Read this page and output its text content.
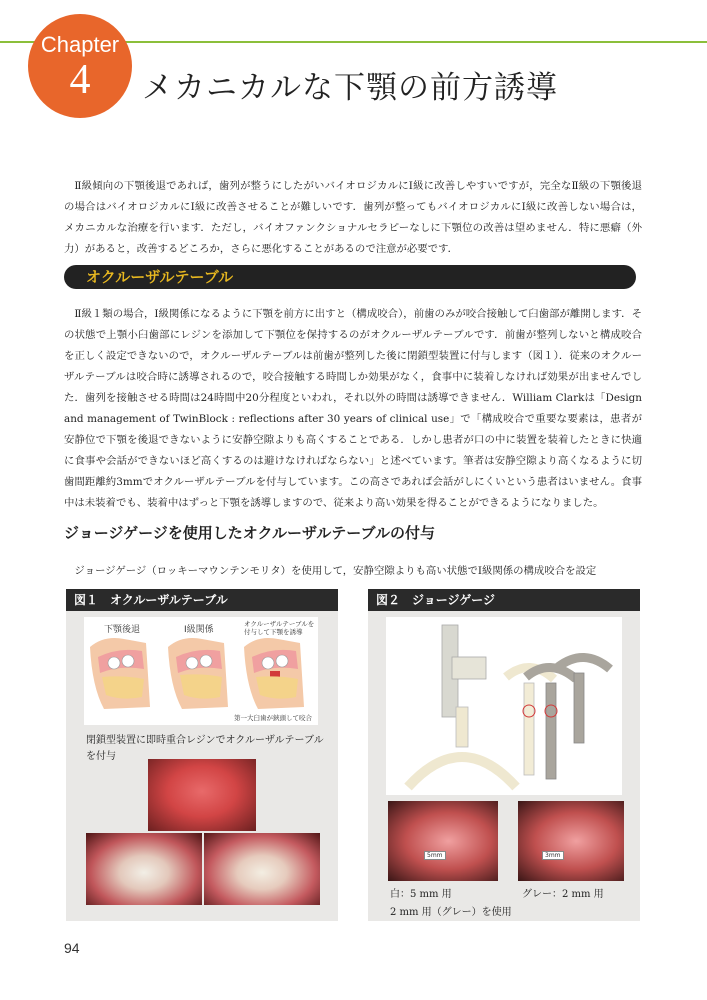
Chapter
4	メカニカルな下顎の前方誘導

Ⅱ級傾向の下顎後退であれば，歯列が整うにしたがいバイオロジカルにⅠ級に改善しやすいですが，完全なⅡ級の下顎後退の場合はバイオロジカルにⅠ級に改善させることが難しいです．歯列が整ってもバイオロジカルにⅠ級に改善しない場合は，メカニカルな治療を行います．ただし，バイオファンクショナルセラピーなしに下顎位の改善は望めません．特に悪癖（外力）があると，改善するどころか，さらに悪化することがあるので注意が必要です．

オクルーザルテーブル

Ⅱ級１類の場合，Ⅰ級関係になるように下顎を前方に出すと（構成咬合），前歯のみが咬合接触して臼歯部が離開します．その状態で上顎小臼歯部にレジンを添加して下顎位を保持するのがオクルーザルテーブルです．前歯が整列しないと構成咬合を正しく設定できないので，オクルーザルテーブルは前歯が整列した後に閉鎖型装置に付与します（図１）．従来のオクルーザルテーブルは咬合時に誘導されるので，咬合接触する時間しか効果がなく，食事中に装着しなければ効果が出ませんでした．歯列を接触させる時間は24時間中20分程度といわれ，それ以外の時間は誘導できません．William Clarkは「Design and management of TwinBlock : reflections after 30 years of clinical use」で「構成咬合で重要な要素は，患者が安静位で下顎を後退できないように安静空隙よりも高くすることである．しかし患者が口の中に装置を装着したときに快適に食事や会話ができないほど高くするのは避けなければならない」と述べています。筆者は安静空隙より高くなるように切歯間距離約3mmでオクルーザルテーブルを付与しています。この高さであれば会話がしにくいという患者はいません。食事中は未装着でも、装着中はずっと下顎を誘導しますので、従来より高い効果を得ることができるようになりました。

ジョージゲージを使用したオクルーザルテーブルの付与
ジョージゲージ（ロッキーマウンテンモリタ）を使用して，安静空隙よりも高い状態でⅠ級関係の構成咬合を設定
図１　オクルーザルテーブル
下顎後退	Ⅰ級関係
オクルーザルテーブルを
付与して下顎を誘導
第一大臼歯が鋏頭して咬合
閉鎖型装置に即時重合レジンでオクルーザルテーブルを付与
図２　ジョージゲージ
5mm	3mm
白：5 mm 用	グレー：2 mm 用
2 mm 用（グレー）を使用
94
